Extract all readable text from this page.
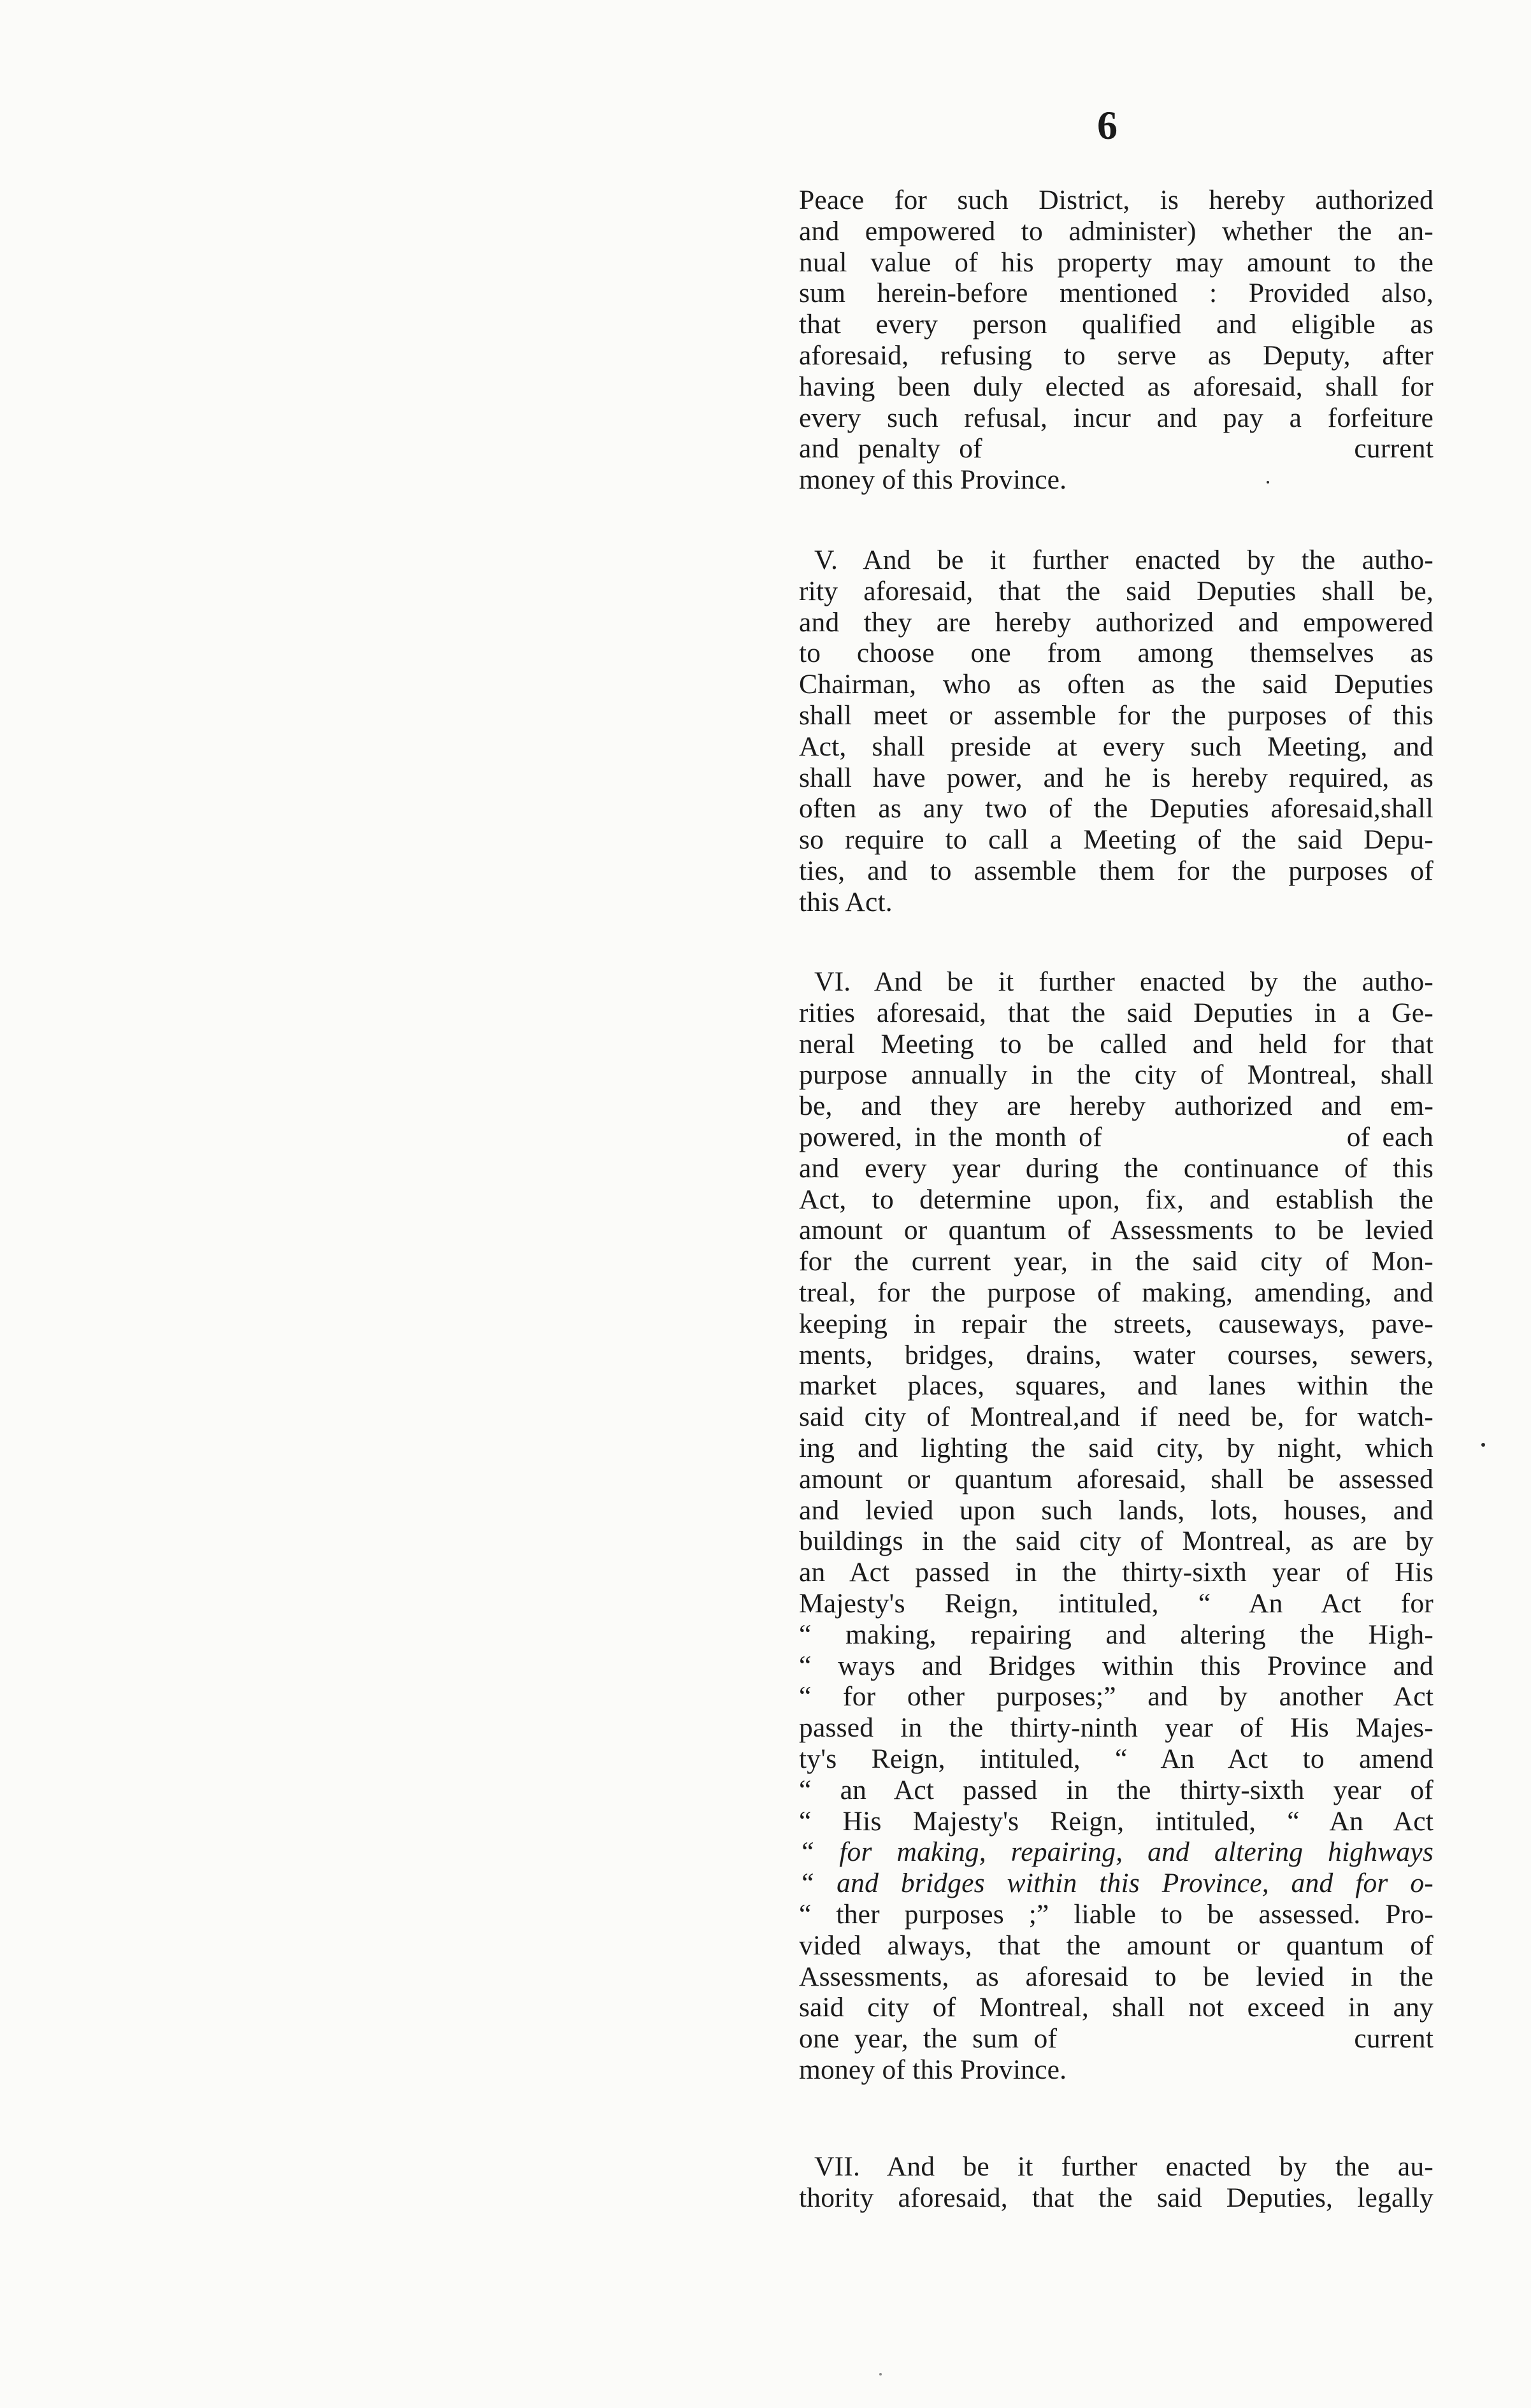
6
Peace for such District, is hereby authorized
and empowered to administer) whether the an-
nual value of his property may amount to the
sum herein-before mentioned : Provided also,
that every person qualified and eligible as
aforesaid, refusing to serve as Deputy, after
having been duly elected as aforesaid, shall for
every such refusal, incur and pay a forfeiture
and penalty of                    current
money of this Province.
V. And be it further enacted by the autho-
rity aforesaid, that the said Deputies shall be,
and they are hereby authorized and empowered
to choose one from among themselves as
Chairman, who as often as the said Deputies
shall meet or assemble for the purposes of this
Act, shall preside at every such Meeting, and
shall have power, and he is hereby required, as
often as any two of the Deputies aforesaid,shall
so require to call a Meeting of the said Depu-
ties, and to assemble them for the purposes of
this Act.
VI. And be it further enacted by the autho-
rities aforesaid, that the said Deputies in a Ge-
neral Meeting to be called and held for that
purpose annually in the city of Montreal, shall
be, and they are hereby authorized and em-
powered, in the month of                    of each
and every year during the continuance of this
Act, to determine upon, fix, and establish the
amount or quantum of Assessments to be levied
for the current year, in the said city of Mon-
treal, for the purpose of making, amending, and
keeping in repair the streets, causeways, pave-
ments, bridges, drains, water courses, sewers,
market places, squares, and lanes within the
said city of Montreal,and if need be, for watch-
ing and lighting the said city, by night, which
amount or quantum aforesaid, shall be assessed
and levied upon such lands, lots, houses, and
buildings in the said city of Montreal, as are by
an Act passed in the thirty-sixth year of His
Majesty's Reign, intituled, “ An Act for
“ making, repairing and altering the High-
“ ways and Bridges within this Province and
“ for other purposes;” and by another Act
passed in the thirty-ninth year of His Majes-
ty's Reign, intituled, “ An Act to amend
“ an Act passed in the thirty-sixth year of
“ His Majesty's Reign, intituled, “ An Act
“ for making, repairing, and altering highways
“ and bridges within this Province, and for o-
“ ther purposes ;” liable to be assessed. Pro-
vided always, that the amount or quantum of
Assessments, as aforesaid to be levied in the
said city of Montreal, shall not exceed in any
one year, the sum of                    current
money of this Province.
VII. And be it further enacted by the au-
thority aforesaid, that the said Deputies, legally
